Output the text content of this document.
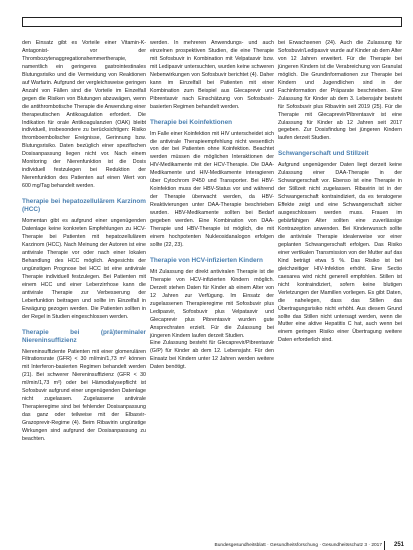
den Einsatz gibt es Vorteile einer Vitamin-K-Antagonist- vor der Thrombozytenaggregationshemmertherapie, namentlich ein geringeres gastrointestinales Blutungsrisiko und die Vermeidung von Reaktionen auf Warfarin. Aufgrund der vergleichsweise geringen Anzahl von Fällen sind die Vorteile im Einzelfall gegen die Risiken von Blutungen abzuwägen, wenn die antithrombotische Therapie die Anwendung einer therapeutischen Antikoagulation erfordert. Die Indikation für orale Antikoagulanzien (OAK) bleibt individuell, insbesondere zu berücksichtigen: Risiko thromboembolischer Ereignisse, Gerinnung bzw. Blutungsrisiko. Daten bezüglich einer spezifischen Dosisanpassung liegen nicht vor. Nach einem Monitoring der Nierenfunktion ist die Dosis individuell festzulegen bei Reduktion der Nierenfunktion des Patienten auf einen Wert von 600 mg/Tag behandelt werden.

Therapie bei hepatozellulärem Karzinom (HCC)

Momentan gibt es aufgrund einer ungenügenden Datenlage keine konkreten Empfehlungen zu HCV-Therapie bei Patienten mit hepatozellulärem Karzinom (HCC). Nach Meinung der Autoren ist eine antivirale Therapie vor oder nach einer lokalen Behandlung des HCC möglich. Angesichts der ungünstigen Prognose bei HCC ist eine antivirale Therapie individuell festzulegen. Bei Patienten mit einem HCC und einer Leberzirrhose kann die antivirale Therapie zur Verbesserung der Leberfunktion beitragen und sollte im Einzelfall in Erwägung gezogen werden. Die Patienten sollten in der Regel in Studien eingeschlossen werden.

Therapie bei (prä)terminaler Niereninsuffizienz

Niereninsuffiziente Patienten mit einer glomerulären Filtrationsrate (GFR) < 30 ml/min/1,73 m² können mit Interferon-basierten Regimen behandelt werden (21). Bei schwerer Niereninsuffizienz (GFR < 30 ml/min/1,73 m²) oder bei Hämodialysepflicht ist Sofosbuvir aufgrund einer ungenügenden Datenlage nicht zugelassen. Zugelassene antivirale Therapieregime sind bei fehlender Dosisanpassung das ganz oder teilweise mit der Elbasvir-Grazoprevir-Regime (4). Beim Ribavirin ungünstige Wirkungen sind aufgrund der Dosisanpassung zu beachten.

werden. In mehreren Anwendungs- und auch einzelnen prospektiven Studien, die eine Therapie mit Sofosbuvir in Kombination mit Velpatasvir bzw. mit Ledipasvir untersuchten, wurden keine schweren Nebenwirkungen von Sofosbuvir berichtet (4). Daher kann im Einzelfall bei Patienten mit einer Kombination zum Beispiel aus Glecaprevir und Pibrentasvir nach Einschätzung von Sofosbuvir-basierten Regimen behandelt werden.

Therapie bei Koinfektionen

Im Falle einer Koinfektion mit HIV unterscheidet sich die antivirale Therapieempfehlung nicht wesentlich von der bei Patienten ohne Koinfektion. Beachtet werden müssen die möglichen Interaktionen der HIV-Medikamente mit der HCV-Therapie. Die DAA-Medikamente und HIV-Medikamente interagieren über Cytochrom P450 und Transporter. Bei HBV-Koinfektion muss der HBV-Status vor und während der Therapie überwacht werden, da HBV-Reaktivierungen unter DAA-Therapie beschrieben wurden. HBV-Medikamente sollten bei Bedarf gegeben werden. Eine Kombination von DAA-Therapie und HBV-Therapie ist möglich, die mit einem hochpotenten Nukleosidanalogon erfolgen sollte (22, 23).

Therapie von HCV-infizierten Kindern

Mit Zulassung der direkt antiviralen Therapie ist die Therapie von HCV-infizierten Kindern möglich. Derzeit stehen Daten für Kinder ab einem Alter von 12 Jahren zur Verfügung. Im Einsatz der zugelassenen Therapieregime mit Sofosbuvir plus Ledipasvir, Sofosbuvir plus Velpatasvir und Glecaprevir plus Pibrentasvir wurden gute Ansprechraten erzielt. Für die Zulassung bei jüngeren Kindern laufen derzeit Studien.

Eine Zulassung besteht für Glecaprevir/Pibrentasvir (G/P) für Kinder ab dem 12. Lebensjahr. Für den Einsatz bei Kindern unter 12 Jahren werden weitere Daten benötigt.

bei Erwachsenen (24). Auch die Zulassung für Sofosbuvir/Ledipasvir wurde auf Kinder ab dem Alter von 12 Jahren erweitert. Für die Therapie bei jüngeren Kindern ist die Verabreichung von Granulat möglich. Die Grundinformationen zur Therapie bei Kindern und Jugendlichen sind in der Fachinformation der Präparate beschrieben. Eine Zulassung für Kinder ab dem 3. Lebensjahr besteht für Sofosbuvir plus Ribavirin seit 2019 (25). Für die Therapie mit Glecaprevir/Pibrentasvir ist eine Zulassung für Kinder ab 12 Jahren seit 2017 gegeben. Zur Dosisfindung bei jüngeren Kindern laufen derzeit Studien.

Schwangerschaft und Stillzeit

Aufgrund ungenügender Daten liegt derzeit keine Zulassung einer DAA-Therapie in der Schwangerschaft vor. Ebenso ist eine Therapie in der Stillzeit nicht zugelassen. Ribavirin ist in der Schwangerschaft kontraindiziert, da es teratogene Effekte zeigt und eine Schwangerschaft sicher ausgeschlossen werden muss. Frauen im gebärfähigen Alter sollten eine zuverlässige Kontrazeption anwenden. Bei Kinderwunsch sollte die antivirale Therapie idealerweise vor einer geplanten Schwangerschaft erfolgen. Das Risiko einer vertikalen Transmission von der Mutter auf das Kind beträgt etwa 5 %. Das Risiko ist bei gleichzeitiger HIV-Infektion erhöht. Eine Sectio caesarea wird nicht generell empfohlen. Stillen ist nicht kontraindiziert, sofern keine blutigen Verletzungen der Mamillen vorliegen. Es gibt Daten, die nahelegen, dass das Stillen das Übertragungsrisiko nicht erhöht. Aus diesem Grund sollte das Stillen nicht untersagt werden, wenn die Mutter eine aktive Hepatitis C hat, auch wenn bei einem geringen Risiko einer Übertragung weitere Daten erforderlich sind.

Bundesgesundheitsblatt · Gesundheitsforschung · Gesundheitsschutz 3 · 2017 251
